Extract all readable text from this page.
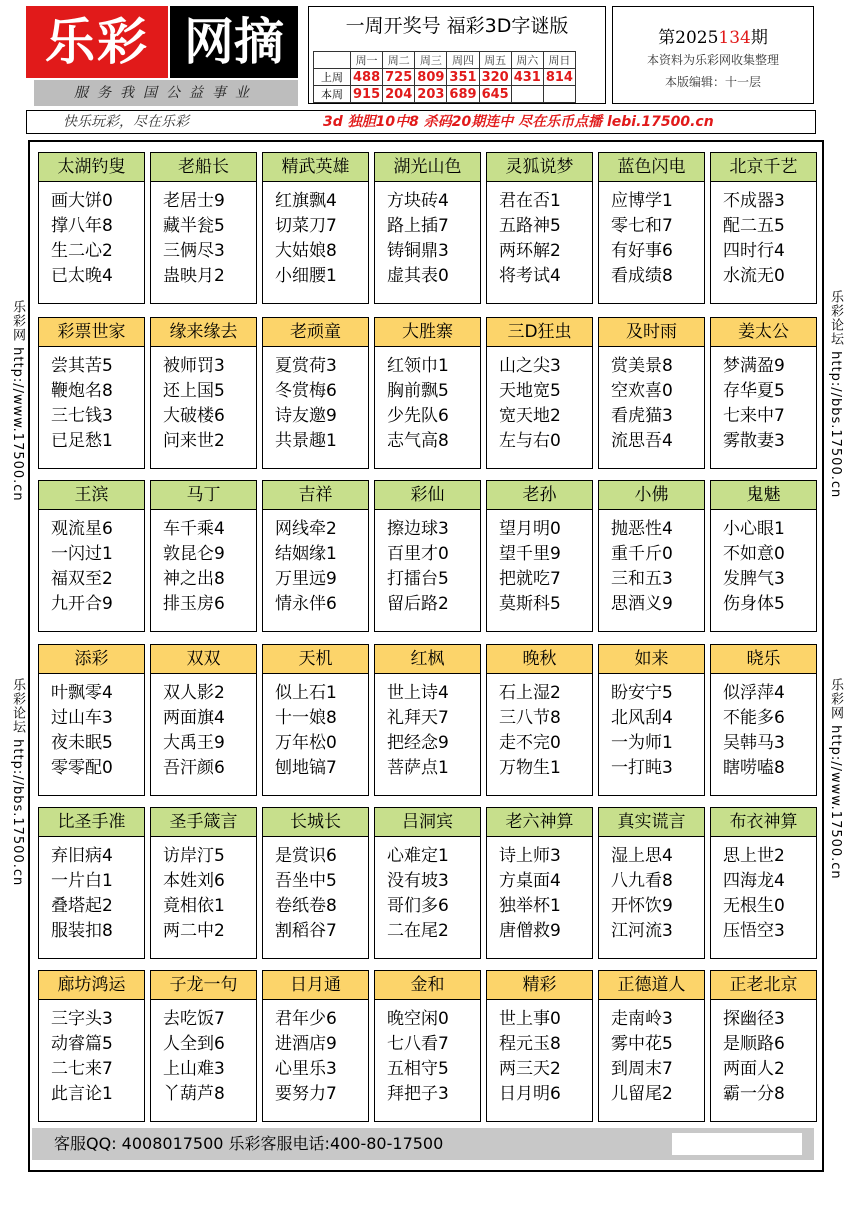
乐彩 网摘
服务我国公益事业
一周开奖号 福彩3D字谜版
	周一	周二	周三	周四	周五	周六	周日
上周	488	725	809	351	320	431	814
本周	915	204	203	689	645		
第2025134期
本资料为乐彩网收集整理
本版编辑：十一层
快乐玩彩，尽在乐彩	3d 独胆10中8 杀码20期连中 尽在乐币点播 lebi.17500.cn
乐彩网 http://www.17500.cn
乐彩论坛 http://bbs.17500.cn
乐彩论坛 http://bbs.17500.cn
乐彩网 http://www.17500.cn
太湖钓叟
画大饼0
撑八年8
生二心2
已太晚4
老船长
老居士9
藏半瓮5
三俩尽3
蛊映月2
精武英雄
红旗飘4
切菜刀7
大姑娘8
小细腰1
湖光山色
方块砖4
路上插7
铸铜鼎3
虚其表0
灵狐说梦
君在否1
五路神5
两环解2
将考试4
蓝色闪电
应博学1
零七和7
有好事6
看成绩8
北京千艺
不成器3
配二五5
四时行4
水流无0
彩票世家
尝其苦5
鞭炮名8
三七钱3
已足愁1
缘来缘去
被师罚3
还上国5
大破楼6
问来世2
老顽童
夏赏荷3
冬赏梅6
诗友邀9
共景趣1
大胜寨
红领巾1
胸前飘5
少先队6
志气高8
三D狂虫
山之尖3
天地宽5
宽天地2
左与右0
及时雨
赏美景8
空欢喜0
看虎猫3
流思吾4
姜太公
梦满盈9
存华夏5
七来中7
雾散妻3
王滨
观流星6
一闪过1
福双至2
九开合9
马丁
车千乘4
敦昆仑9
神之出8
排玉房6
吉祥
网线牵2
结姻缘1
万里远9
情永伴6
彩仙
擦边球3
百里才0
打擂台5
留后路2
老孙
望月明0
望千里9
把就吃7
莫斯科5
小佛
抛恶性4
重千斤0
三和五3
思酒义9
鬼魅
小心眼1
不如意0
发脾气3
伤身体5
添彩
叶飘零4
过山车3
夜未眠5
零零配0
双双
双人影2
两面旗4
大禹王9
吾汗颜6
天机
似上石1
十一娘8
万年松0
刨地镐7
红枫
世上诗4
礼拜天7
把经念9
菩萨点1
晚秋
石上湿2
三八节8
走不完0
万物生1
如来
盼安宁5
北风刮4
一为师1
一打盹3
晓乐
似浮萍4
不能多6
吴韩马3
瞎唠嗑8
比圣手准
弃旧病4
一片白1
叠塔起2
服装扣8
圣手箴言
访岸汀5
本姓刘6
竟相依1
两二中2
长城长
是赏识6
吾坐中5
卷纸卷8
割稻谷7
吕洞宾
心难定1
没有坡3
哥们多6
二在尾2
老六神算
诗上师3
方桌面4
独举杯1
唐僧救9
真实谎言
湿上思4
八九看8
开怀饮9
江河流3
布衣神算
思上世2
四海龙4
无根生0
压悟空3
廊坊鸿运
三字头3
动睿篇5
二七来7
此言论1
子龙一句
去吃饭7
人全到6
上山难3
丫葫芦8
日月通
君年少6
进酒店9
心里乐3
要努力7
金和
晚空闲0
七八看7
五相守5
拜把子3
精彩
世上事0
程元玉8
两三天2
日月明6
正德道人
走南岭3
雾中花5
到周末7
儿留尾2
正老北京
探幽径3
是顺路6
两面人2
霸一分8
客服QQ: 4008017500 乐彩客服电话:400-80-17500
